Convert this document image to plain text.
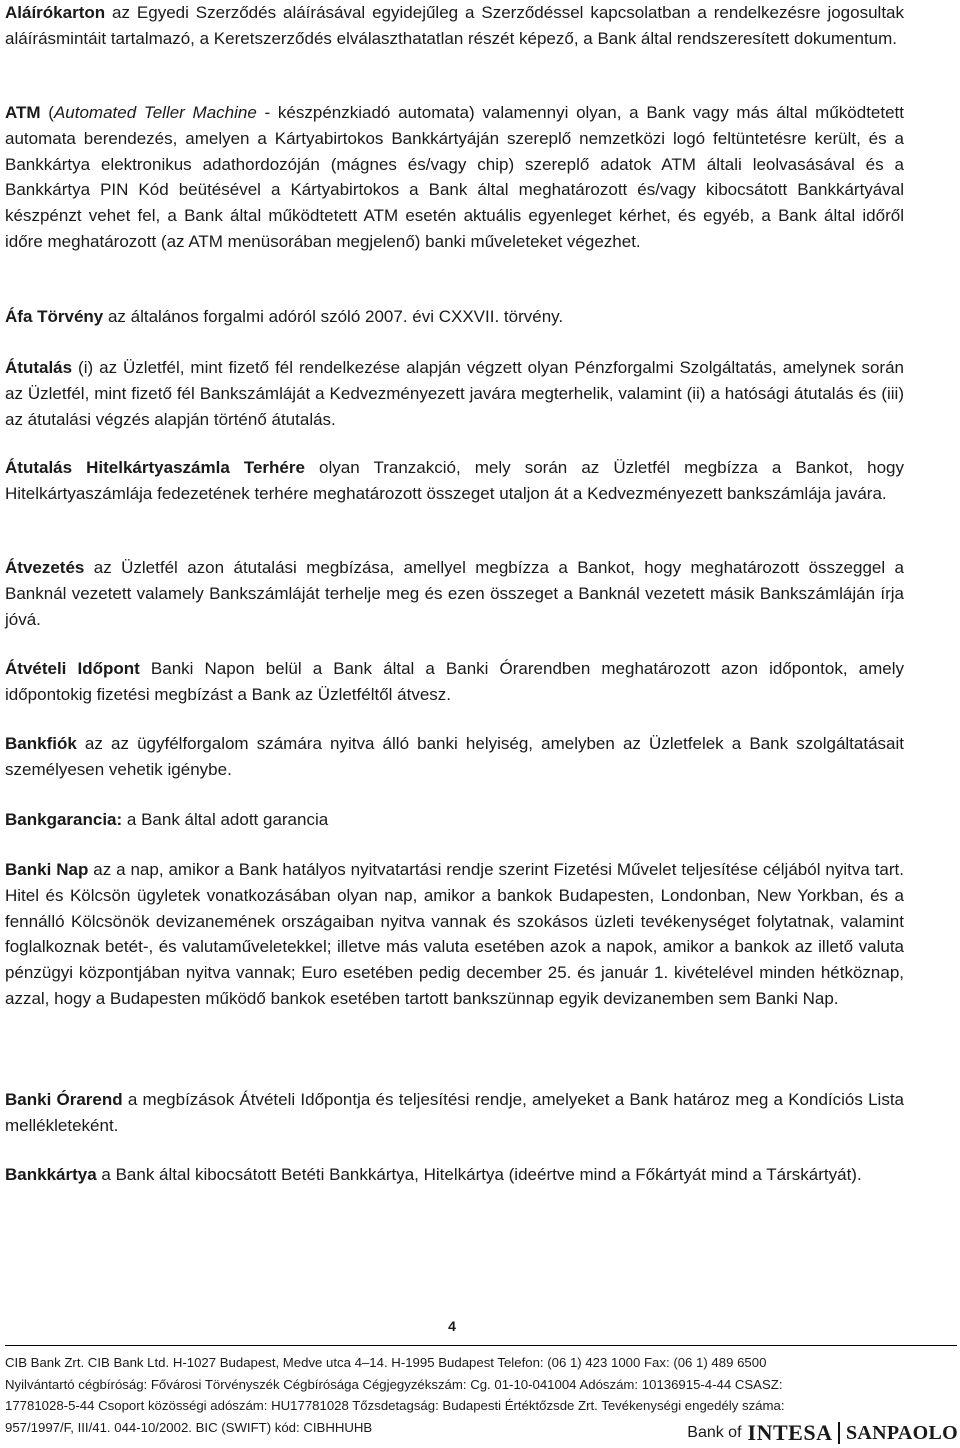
Aláírókarton az Egyedi Szerződés aláírásával egyidejűleg a Szerződéssel kapcsolatban a rendelkezésre jogosultak aláírásmintáit tartalmazó, a Keretszerződés elválaszthatatlan részét képező, a Bank által rendszeresített dokumentum.

ATM (Automated Teller Machine - készpénzkiadó automata) valamennyi olyan, a Bank vagy más által működtetett automata berendezés, amelyen a Kártyabirtokos Bankkártyáján szereplő nemzetközi logó feltüntetésre került, és a Bankkártya elektronikus adathordozóján (mágnes és/vagy chip) szereplő adatok ATM általi leolvasásával és a Bankkártya PIN Kód beütésével a Kártyabirtokos a Bank által meghatározott és/vagy kibocsátott Bankkártyával készpénzt vehet fel, a Bank által működtetett ATM esetén aktuális egyenleget kérhet, és egyéb, a Bank által időről időre meghatározott (az ATM menüsorában megjelenő) banki műveleteket végezhet.

Áfa Törvény az általános forgalmi adóról szóló 2007. évi CXXVII. törvény.

Átutalás (i) az Üzletfél, mint fizető fél rendelkezése alapján végzett olyan Pénzforgalmi Szolgáltatás, amelynek során az Üzletfél, mint fizető fél Bankszámláját a Kedvezményezett javára megterhelik, valamint (ii) a hatósági átutalás és (iii) az átutalási végzés alapján történő átutalás.

Átutalás Hitelkártyaszámla Terhére olyan Tranzakció, mely során az Üzletfél megbízza a Bankot, hogy Hitelkártyaszámlája fedezetének terhére meghatározott összeget utaljon át a Kedvezményezett bankszámlája javára.

Átvezetés az Üzletfél azon átutalási megbízása, amellyel megbízza a Bankot, hogy meghatározott összeggel a Banknál vezetett valamely Bankszámláját terhelje meg és ezen összeget a Banknál vezetett másik Bankszámláján írja jóvá.

Átvételi Időpont Banki Napon belül a Bank által a Banki Órarendben meghatározott azon időpontok, amely időpontokig fizetési megbízást a Bank az Üzletféltől átvesz.

Bankfiók az az ügyfélforgalom számára nyitva álló banki helyiség, amelyben az Üzletfelek a Bank szolgáltatásait személyesen vehetik igénybe.

Bankgarancia: a Bank által adott garancia

Banki Nap az a nap, amikor a Bank hatályos nyitvatartási rendje szerint Fizetési Művelet teljesítése céljából nyitva tart. Hitel és Kölcsön ügyletek vonatkozásában olyan nap, amikor a bankok Budapesten, Londonban, New Yorkban, és a fennálló Kölcsönök devizanemének országaiban nyitva vannak és szokásos üzleti tevékenységet folytatnak, valamint foglalkoznak betét-, és valutaműveletekkel; illetve más valuta esetében azok a napok, amikor a bankok az illető valuta pénzügyi központjában nyitva vannak; Euro esetében pedig december 25. és január 1. kivételével minden hétköznap, azzal, hogy a Budapesten működő bankok esetében tartott bankszünnap egyik devizanemben sem Banki Nap.

Banki Órarend a megbízások Átvételi Időpontja és teljesítési rendje, amelyeket a Bank határoz meg a Kondíciós Lista mellékleteként.

Bankkártya a Bank által kibocsátott Betéti Bankkártya, Hitelkártya (ideértve mind a Főkártyát mind a Társkártyát).

4
CIB Bank Zrt. CIB Bank Ltd. H-1027 Budapest, Medve utca 4–14. H-1995 Budapest Telefon: (06 1) 423 1000 Fax: (06 1) 489 6500
Nyilvántartó cégbíróság: Fővárosi Törvényszék Cégbírósága Cégjegyzékszám: Cg. 01-10-041004 Adószám: 10136915-4-44 CSASZ:
17781028-5-44 Csoport közösségi adószám: HU17781028 Tőzsdetagság: Budapesti Értéktőzsde Zrt. Tevékenységi engedély száma:
957/1997/F, III/41. 044-10/2002. BIC (SWIFT) kód: CIBHHUHB	Bank of INTESA SANPAOLO
